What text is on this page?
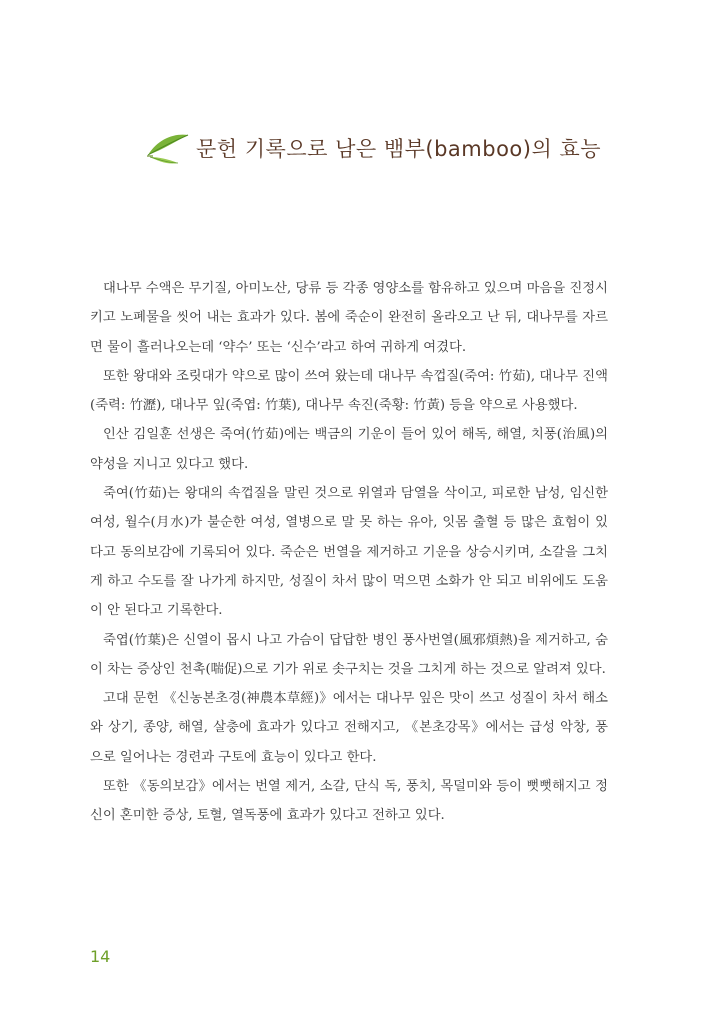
문헌 기록으로 남은 뱀부(bamboo)의 효능

대나무 수액은 무기질, 아미노산, 당류 등 각종 영양소를 함유하고 있으며 마음을 진정시키고 노폐물을 씻어 내는 효과가 있다. 봄에 죽순이 완전히 올라오고 난 뒤, 대나무를 자르면 물이 흘러나오는데 ‘약수’ 또는 ‘신수’라고 하여 귀하게 여겼다.

또한 왕대와 조릿대가 약으로 많이 쓰여 왔는데 대나무 속껍질(죽여: 竹茹), 대나무 진액(죽력: 竹瀝), 대나무 잎(죽엽: 竹葉), 대나무 속진(죽황: 竹黃) 등을 약으로 사용했다.

인산 김일훈 선생은 죽여(竹茹)에는 백금의 기운이 들어 있어 해독, 해열, 치풍(治風)의 약성을 지니고 있다고 했다.

죽여(竹茹)는 왕대의 속껍질을 말린 것으로 위열과 담열을 삭이고, 피로한 남성, 임신한 여성, 월수(月水)가 불순한 여성, 열병으로 말 못 하는 유아, 잇몸 출혈 등 많은 효험이 있다고 동의보감에 기록되어 있다. 죽순은 번열을 제거하고 기운을 상승시키며, 소갈을 그치게 하고 수도를 잘 나가게 하지만, 성질이 차서 많이 먹으면 소화가 안 되고 비위에도 도움이 안 된다고 기록한다.

죽엽(竹葉)은 신열이 몹시 나고 가슴이 답답한 병인 풍사번열(風邪煩熱)을 제거하고, 숨이 차는 증상인 천촉(喘促)으로 기가 위로 솟구치는 것을 그치게 하는 것으로 알려져 있다.

고대 문헌 《신농본초경(神農本草經)》에서는 대나무 잎은 맛이 쓰고 성질이 차서 해소와 상기, 종양, 해열, 살충에 효과가 있다고 전해지고, 《본초강목》에서는 급성 악창, 풍으로 일어나는 경련과 구토에 효능이 있다고 한다.

또한 《동의보감》에서는 번열 제거, 소갈, 단식 독, 풍치, 목덜미와 등이 뻣뻣해지고 정신이 혼미한 증상, 토혈, 열독풍에 효과가 있다고 전하고 있다.

14
